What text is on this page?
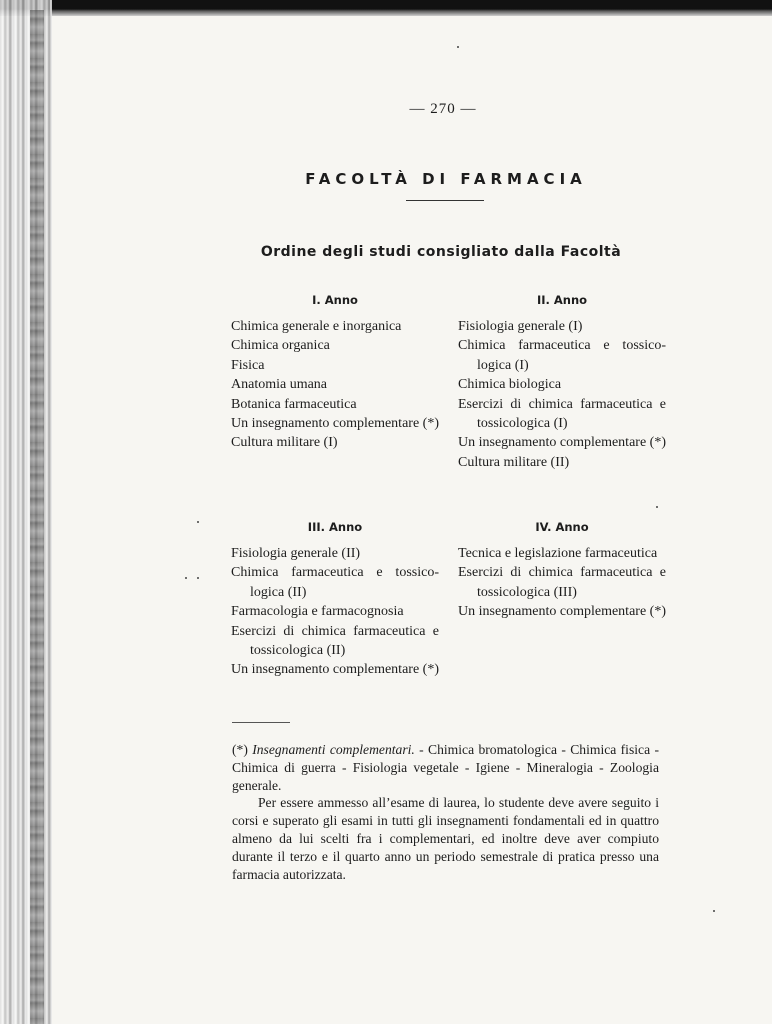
— 270 —
FACOLTÀ DI FARMACIA
Ordine degli studi consigliato dalla Facoltà
I. Anno
Chimica generale e inorganica
Chimica organica
Fisica
Anatomia umana
Botanica farmaceutica
Un insegnamento complementare (*)
Cultura militare (I)
II. Anno
Fisiologia generale (I)
Chimica farmaceutica e tossicologica (I)
Chimica biologica
Esercizi di chimica farmaceutica e tossicologica (I)
Un insegnamento complementare (*)
Cultura militare (II)
III. Anno
Fisiologia generale (II)
Chimica farmaceutica e tossicologica (II)
Farmacologia e farmacognosia
Esercizi di chimica farmaceutica e tossicologica (II)
Un insegnamento complementare (*)
IV. Anno
Tecnica e legislazione farmaceutica
Esercizi di chimica farmaceutica e tossicologica (III)
Un insegnamento complementare (*)

(*) Insegnamenti complementari. - Chimica bromatologica - Chimica fisica - Chimica di guerra - Fisiologia vegetale - Igiene - Mineralogia - Zoologia generale.

Per essere ammesso all’esame di laurea, lo studente deve avere seguito i corsi e superato gli esami in tutti gli insegnamenti fondamentali ed in quattro almeno da lui scelti fra i complementari, ed inoltre deve aver compiuto durante il terzo e il quarto anno un periodo semestrale di pratica presso una farmacia autorizzata.
